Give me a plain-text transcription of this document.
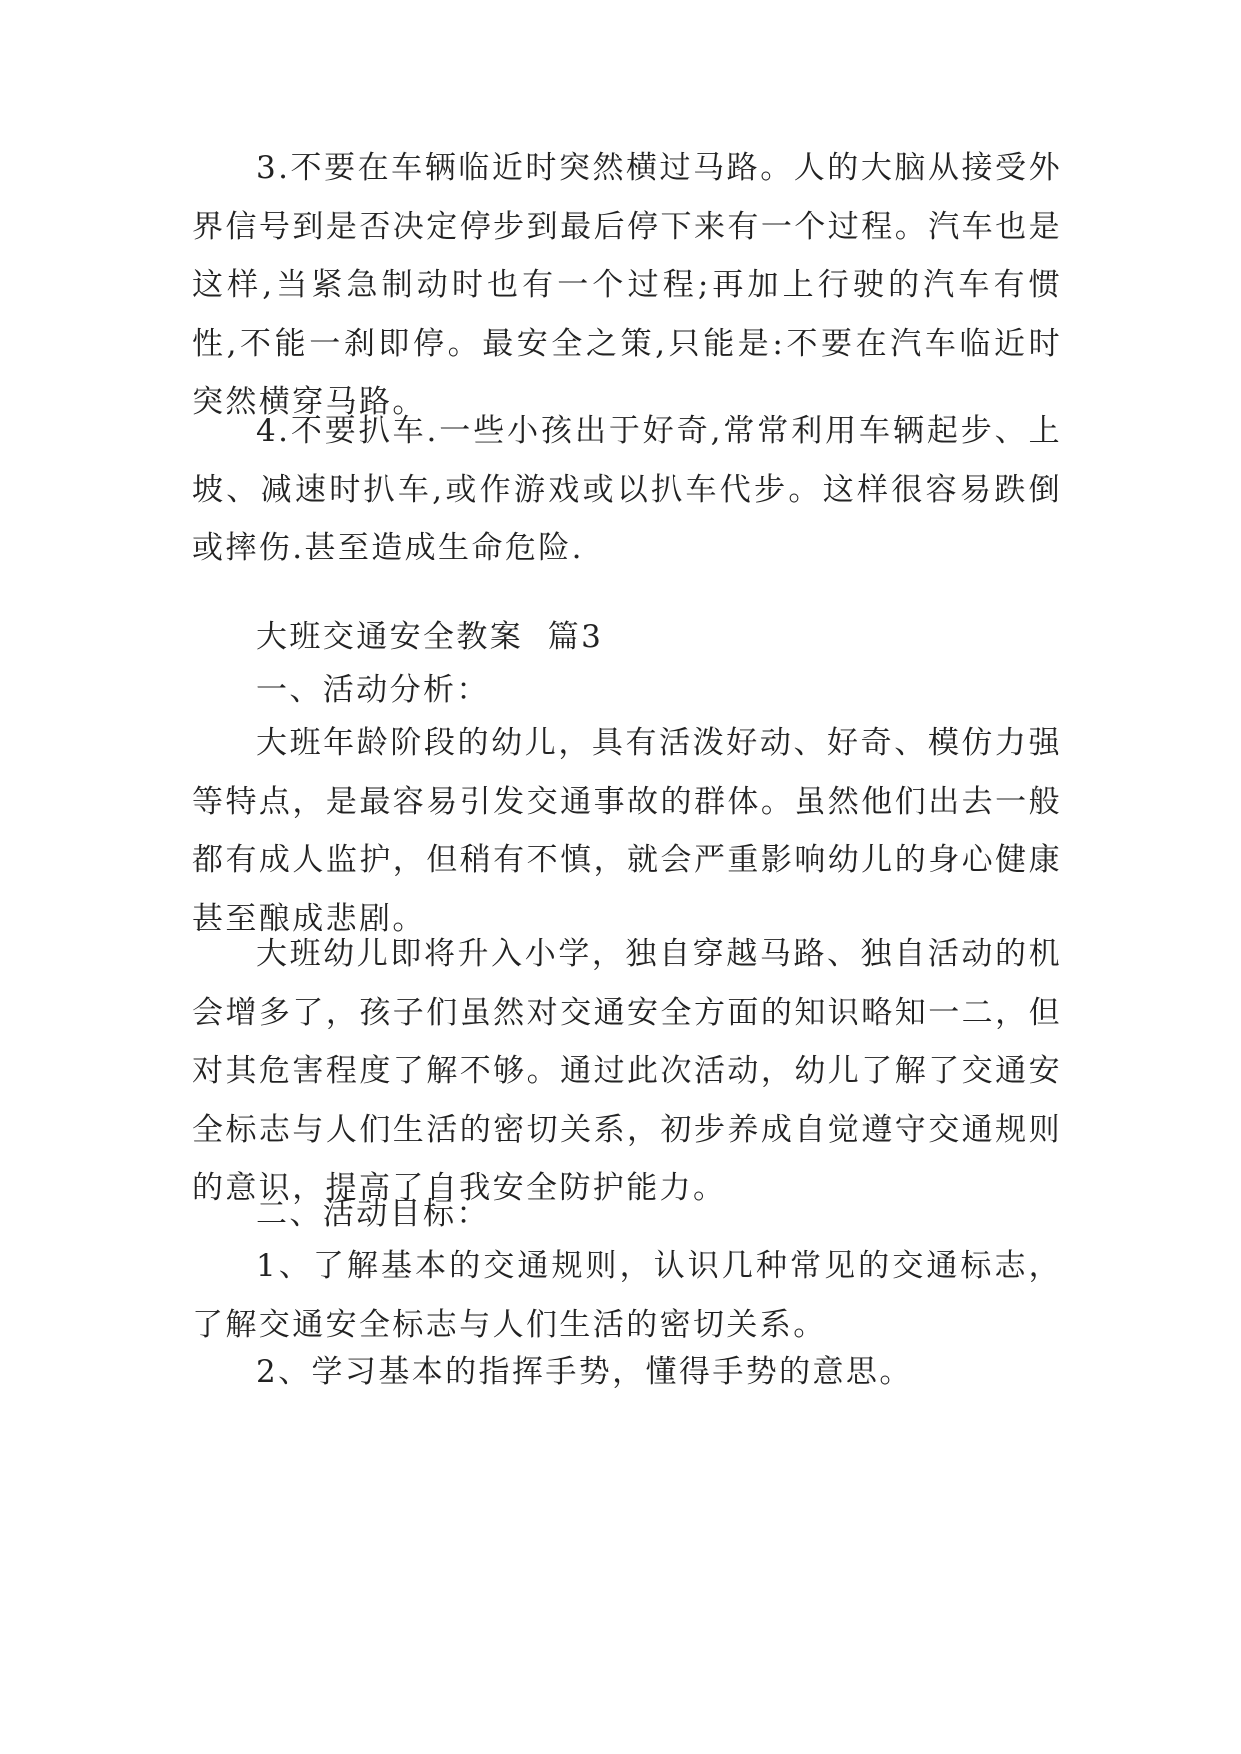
3.不要在车辆临近时突然横过马路。人的大脑从接受外界信号到是否决定停步到最后停下来有一个过程。汽车也是这样,当紧急制动时也有一个过程;再加上行驶的汽车有惯性,不能一刹即停。最安全之策,只能是:不要在汽车临近时突然横穿马路。

4.不要扒车.一些小孩出于好奇,常常利用车辆起步、上坡、减速时扒车,或作游戏或以扒车代步。这样很容易跌倒或摔伤.甚至造成生命危险.

大班交通安全教案  篇3

一、活动分析：

大班年龄阶段的幼儿，具有活泼好动、好奇、模仿力强等特点，是最容易引发交通事故的群体。虽然他们出去一般都有成人监护，但稍有不慎，就会严重影响幼儿的身心健康甚至酿成悲剧。

大班幼儿即将升入小学，独自穿越马路、独自活动的机会增多了，孩子们虽然对交通安全方面的知识略知一二，但对其危害程度了解不够。通过此次活动，幼儿了解了交通安全标志与人们生活的密切关系，初步养成自觉遵守交通规则的意识，提高了自我安全防护能力。

二、活动目标：

1、了解基本的交通规则，认识几种常见的交通标志，了解交通安全标志与人们生活的密切关系。

2、学习基本的指挥手势，懂得手势的意思。
